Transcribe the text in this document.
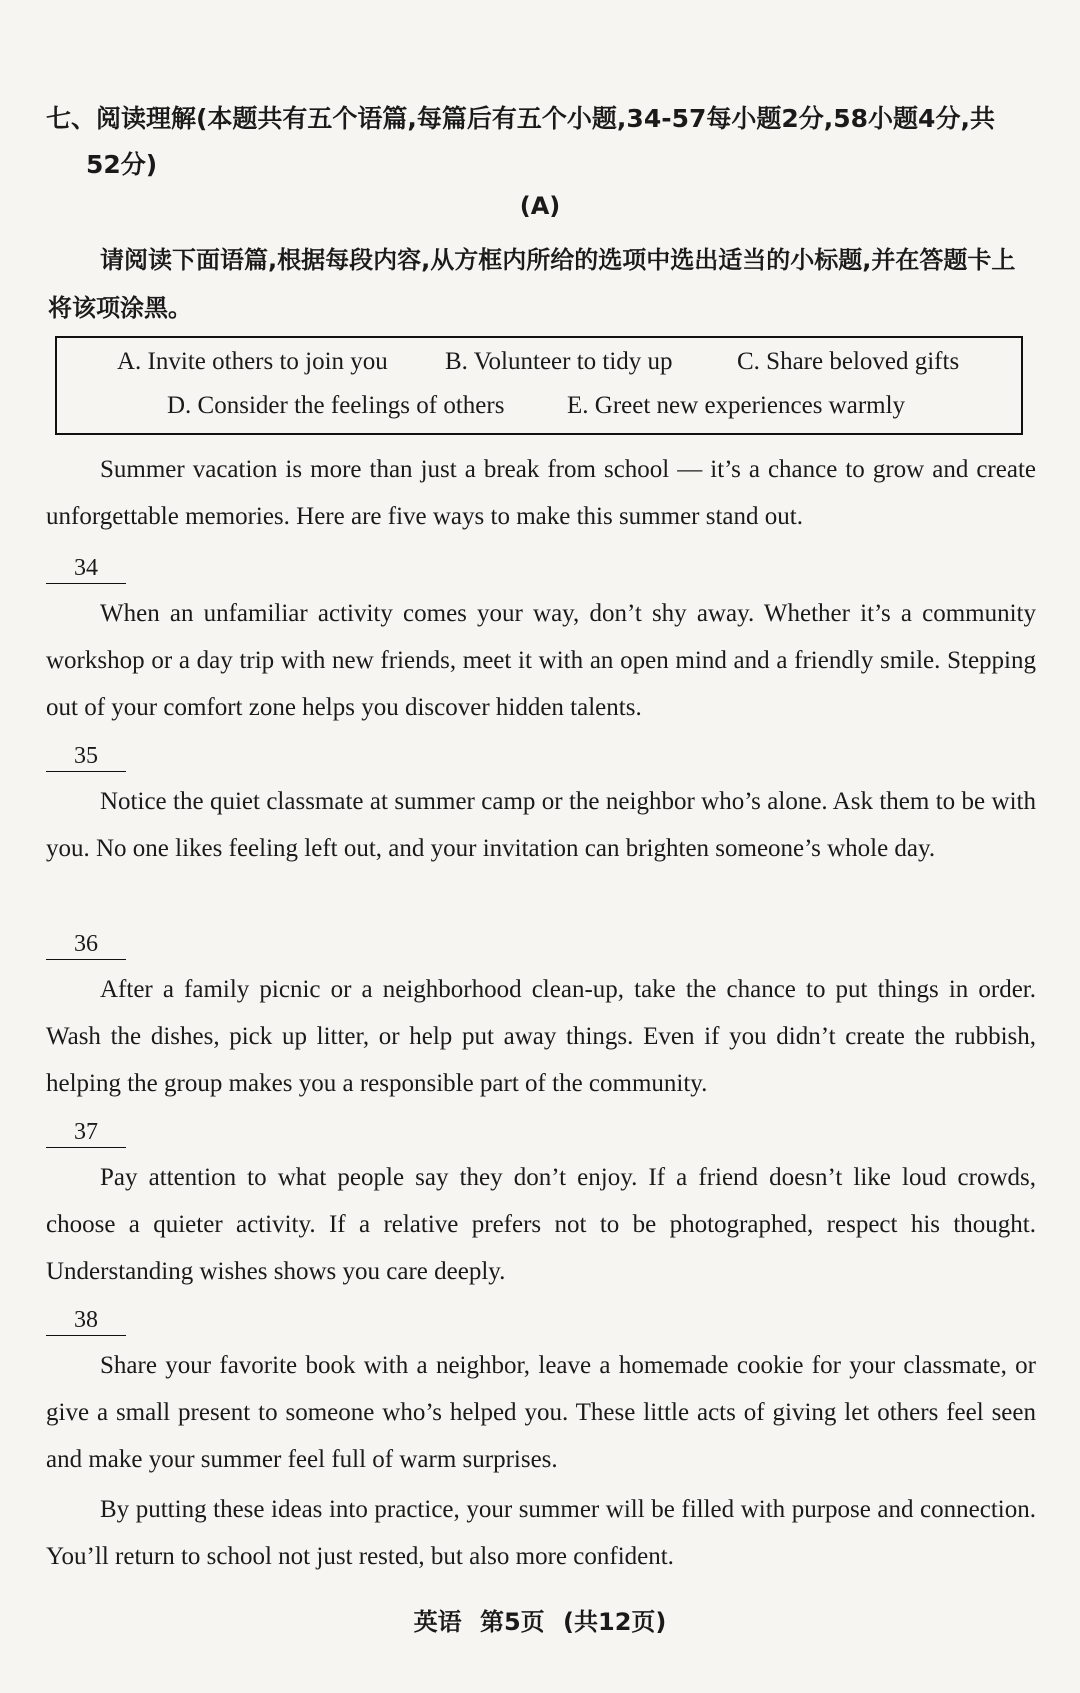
七、阅读理解(本题共有五个语篇,每篇后有五个小题,34-57每小题2分,58小题4分,共
52分)
(A)
请阅读下面语篇,根据每段内容,从方框内所给的选项中选出适当的小标题,并在答题卡上将该项涂黑。
A. Invite others to join you B. Volunteer to tidy up	C. Share beloved gifts
D. Consider the feelings of others	E. Greet new experiences warmly

Summer vacation is more than just a break from school — it’s a chance to grow and create unforgettable memories. Here are five ways to make this summer stand out.

34

When an unfamiliar activity comes your way, don’t shy away. Whether it’s a community workshop or a day trip with new friends, meet it with an open mind and a friendly smile. Stepping out of your comfort zone helps you discover hidden talents.

35

Notice the quiet classmate at summer camp or the neighbor who’s alone. Ask them to be with you. No one likes feeling left out, and your invitation can brighten someone’s whole day.

36

After a family picnic or a neighborhood clean-up, take the chance to put things in order. Wash the dishes, pick up litter, or help put away things. Even if you didn’t create the rubbish, helping the group makes you a responsible part of the community.

37

Pay attention to what people say they don’t enjoy. If a friend doesn’t like loud crowds, choose a quieter activity. If a relative prefers not to be photographed, respect his thought. Understanding wishes shows you care deeply.

38

Share your favorite book with a neighbor, leave a homemade cookie for your classmate, or give a small present to someone who’s helped you. These little acts of giving let others feel seen and make your summer feel full of warm surprises.

By putting these ideas into practice, your summer will be filled with purpose and connection. You’ll return to school not just rested, but also more confident.

英语 第5页 (共12页)
